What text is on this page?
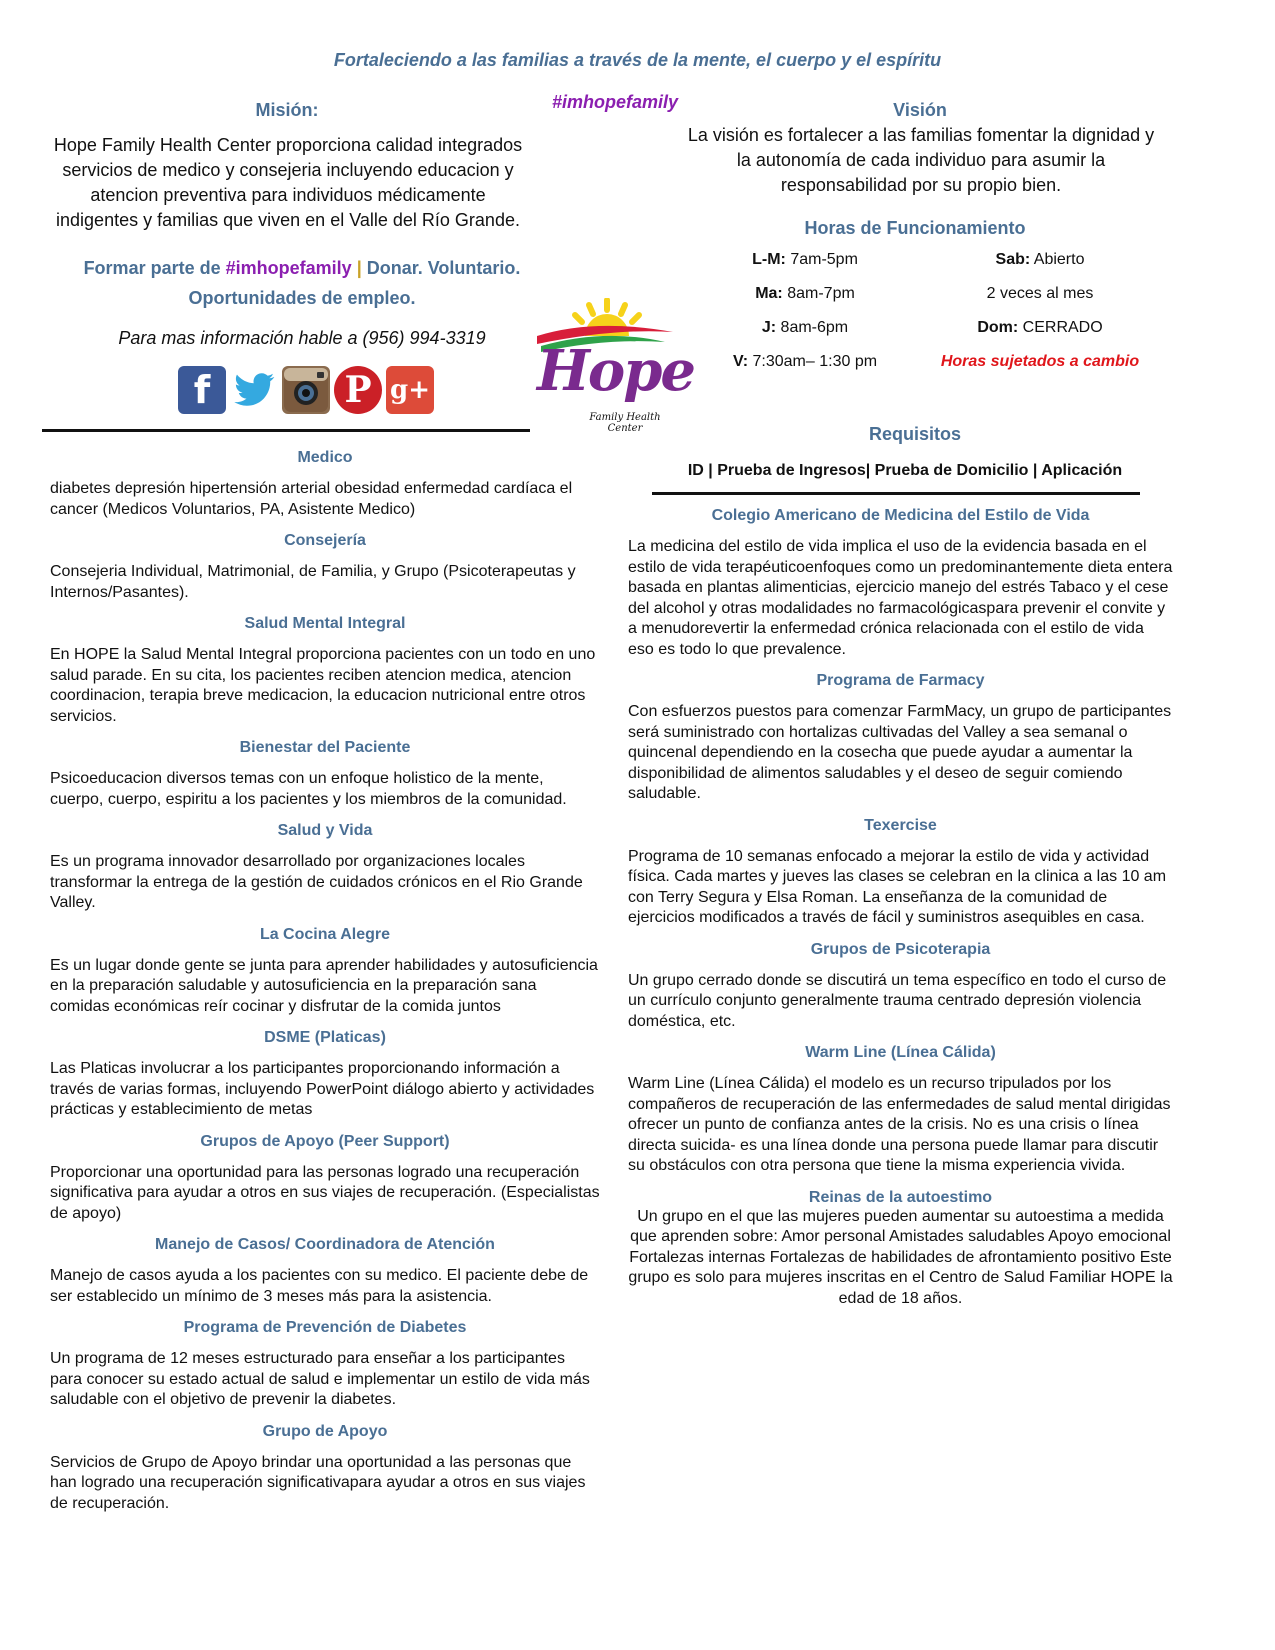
Fortaleciendo a las familias a través de la mente, el cuerpo y el espíritu
#imhopefamily
Misión:
Hope Family Health Center proporciona calidad integrados servicios de medico y consejeria incluyendo educacion y atencion preventiva para individuos médicamente indigentes y familias que viven en el Valle del Río Grande.
Formar parte de #imhopefamily | Donar. Voluntario.
Oportunidades de empleo.
Para mas información hable a (956) 994-3319
f	P g+ Hope
Family Health Center
Visión
La visión es fortalecer a las familias fomentar la dignidad y la autonomía de cada individuo para asumir la responsabilidad por su propio bien.
Horas de Funcionamiento
L-M: 7am-5pm
Ma: 8am-7pm
J: 8am-6pm
V: 7:30am– 1:30 pm
Sab: Abierto
2 veces al mes
Dom: CERRADO
Horas sujetados a cambio
Requisitos
ID | Prueba de Ingresos| Prueba de Domicilio | Aplicación
Medico
diabetes depresión hipertensión arterial obesidad enfermedad cardíaca el cancer (Medicos Voluntarios, PA, Asistente Medico)
Consejería
Consejeria Individual, Matrimonial, de Familia, y Grupo (Psicoterapeutas y Internos/Pasantes).
Salud Mental Integral
En HOPE la Salud Mental Integral proporciona pacientes con un todo en uno salud parade. En su cita, los pacientes reciben atencion medica, atencion coordinacion, terapia breve medicacion, la educacion nutricional entre otros servicios.
Bienestar del Paciente
Psicoeducacion diversos temas con un enfoque holistico de la mente, cuerpo, cuerpo, espiritu a los pacientes y los miembros de la comunidad.
Salud y Vida
Es un programa innovador desarrollado por organizaciones locales transformar la entrega de la gestión de cuidados crónicos en el Rio Grande Valley.
La Cocina Alegre
Es un lugar donde gente se junta para aprender habilidades y autosuficiencia en la preparación saludable y autosuficiencia en la preparación sana comidas económicas reír cocinar y disfrutar de la comida juntos
DSME (Platicas)
Las Platicas involucrar a los participantes proporcionando información a través de varias formas, incluyendo PowerPoint diálogo abierto y actividades prácticas y establecimiento de metas
Grupos de Apoyo (Peer Support)
Proporcionar una oportunidad para las personas logrado una recuperación significativa para ayudar a otros en sus viajes de recuperación. (Especialistas de apoyo)
Manejo de Casos/ Coordinadora de Atención
Manejo de casos ayuda a los pacientes con su medico. El paciente debe de ser establecido un mínimo de 3 meses más para la asistencia.
Programa de Prevención de Diabetes
Un programa de 12 meses estructurado para enseñar a los participantes para conocer su estado actual de salud e implementar un estilo de vida más saludable con el objetivo de prevenir la diabetes.
Grupo de Apoyo
Servicios de Grupo de Apoyo brindar una oportunidad a las personas que han logrado una recuperación significativapara ayudar a otros en sus viajes de recuperación.
Colegio Americano de Medicina del Estilo de Vida
La medicina del estilo de vida implica el uso de la evidencia basada en el estilo de vida terapéuticoenfoques como un predominantemente dieta entera basada en plantas alimenticias, ejercicio manejo del estrés Tabaco y el cese del alcohol y otras modalidades no farmacológicaspara prevenir el convite y a menudorevertir la enfermedad crónica relacionada con el estilo de vida eso es todo lo que prevalence.
Programa de Farmacy
Con esfuerzos puestos para comenzar FarmMacy, un grupo de participantes será suministrado con hortalizas cultivadas del Valley a sea semanal o quincenal dependiendo en la cosecha que puede ayudar a aumentar la disponibilidad de alimentos saludables y el deseo de seguir comiendo saludable.
Texercise
Programa de 10 semanas enfocado a mejorar la estilo de vida y actividad física. Cada martes y jueves las clases se celebran en la clinica a las 10 am con Terry Segura y Elsa Roman. La enseñanza de la comunidad de ejercicios modificados a través de fácil y suministros asequibles en casa.
Grupos de Psicoterapia
Un grupo cerrado donde se discutirá un tema específico en todo el curso de un currículo conjunto generalmente trauma centrado depresión violencia doméstica, etc.
Warm Line (Línea Cálida)
Warm Line (Línea Cálida) el modelo es un recurso tripulados por los compañeros de recuperación de las enfermedades de salud mental dirigidas ofrecer un punto de confianza antes de la crisis. No es una crisis o línea directa suicida- es una línea donde una persona puede llamar para discutir su obstáculos con otra persona que tiene la misma experiencia vivida.
Reinas de la autoestimo
Un grupo en el que las mujeres pueden aumentar su autoestima a medida que aprenden sobre: Amor personal Amistades saludables Apoyo emocional Fortalezas internas Fortalezas de habilidades de afrontamiento positivo Este grupo es solo para mujeres inscritas en el Centro de Salud Familiar HOPE la edad de 18 años.
